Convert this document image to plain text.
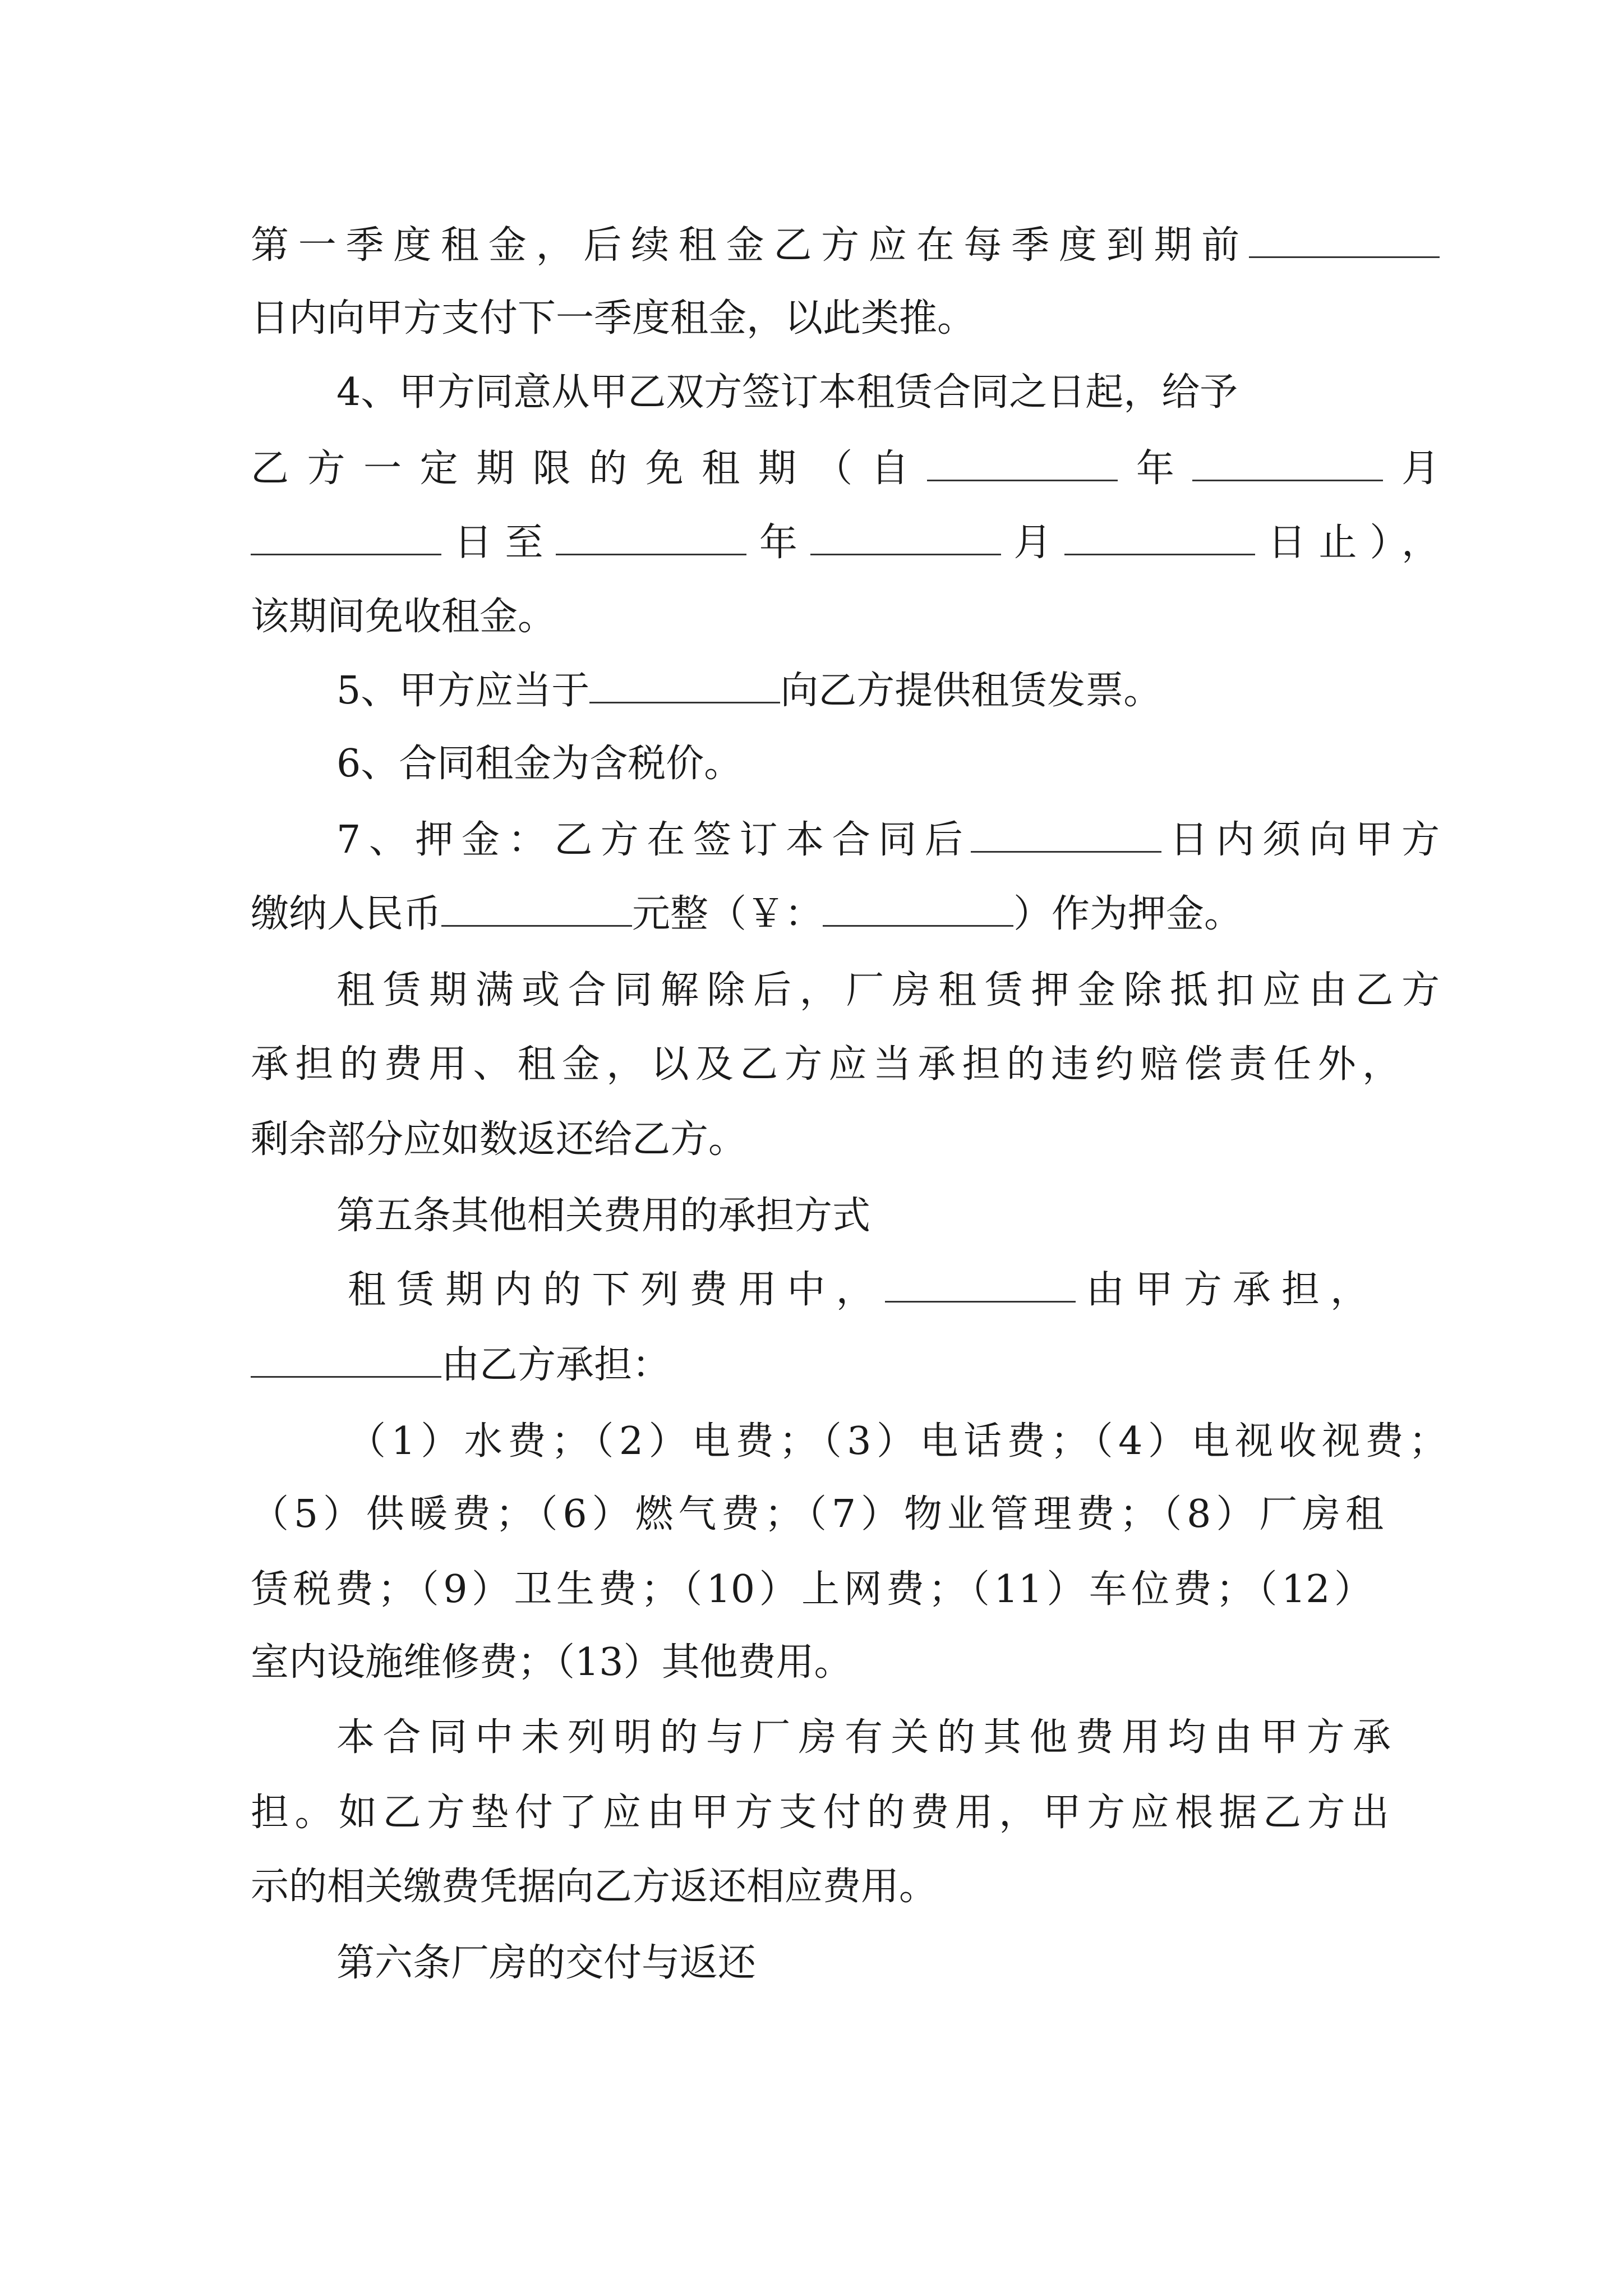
第一季度租金，后续租金乙方应在每季度到期前
日内向甲方支付下一季度租金，以此类推。
4、甲方同意从甲乙双方签订本租赁合同之日起，给予
乙方一定期限的免租期（自	年	月
日至	年	月	日止），
该期间免收租金。
5、甲方应当于	向乙方提供租赁发票。
6、合同租金为含税价。
7、押金：乙方在签订本合同后	日内须向甲方
缴纳人民币	元整（￥：	）作为押金。
租赁期满或合同解除后，厂房租赁押金除抵扣应由乙方
承担的费用、租金，以及乙方应当承担的违约赔偿责任外，
剩余部分应如数返还给乙方。
第五条其他相关费用的承担方式
租赁期内的下列费用中，	由甲方承担，
由乙方承担：
（1）水费；（2）电费；（3）电话费；（4）电视收视费；
（5）供暖费；（6）燃气费；（7）物业管理费；（8）厂房租
赁税费；（9）卫生费；（10）上网费；（11）车位费；（12）
室内设施维修费；（13）其他费用。
本合同中未列明的与厂房有关的其他费用均由甲方承
担。如乙方垫付了应由甲方支付的费用，甲方应根据乙方出
示的相关缴费凭据向乙方返还相应费用。
第六条厂房的交付与返还
